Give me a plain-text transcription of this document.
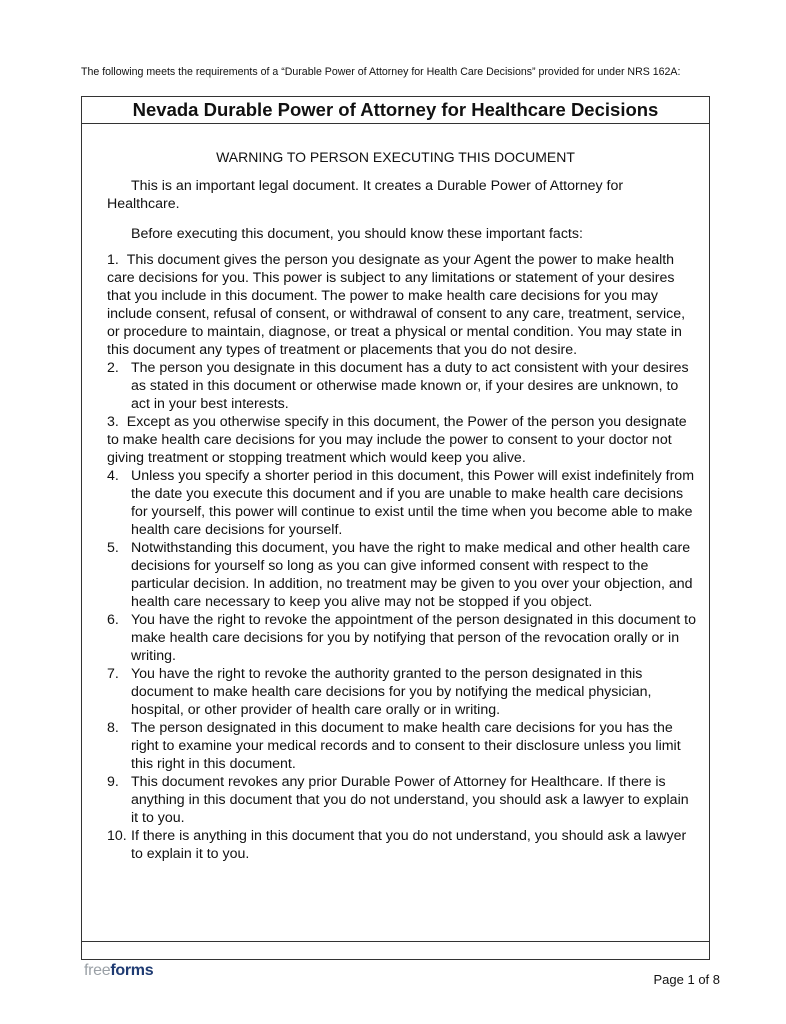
The following meets the requirements of a “Durable Power of Attorney for Health Care Decisions” provided for under NRS 162A:
Nevada Durable Power of Attorney for Healthcare Decisions
WARNING TO PERSON EXECUTING THIS DOCUMENT
This is an important legal document. It creates a Durable Power of Attorney for Healthcare.
Before executing this document, you should know these important facts:
1. This document gives the person you designate as your Agent the power to make health care decisions for you. This power is subject to any limitations or statement of your desires that you include in this document. The power to make health care decisions for you may include consent, refusal of consent, or withdrawal of consent to any care, treatment, service, or procedure to maintain, diagnose, or treat a physical or mental condition. You may state in this document any types of treatment or placements that you do not desire.
2. The person you designate in this document has a duty to act consistent with your desires as stated in this document or otherwise made known or, if your desires are unknown, to act in your best interests.
3. Except as you otherwise specify in this document, the Power of the person you designate to make health care decisions for you may include the power to consent to your doctor not giving treatment or stopping treatment which would keep you alive.
4. Unless you specify a shorter period in this document, this Power will exist indefinitely from the date you execute this document and if you are unable to make health care decisions for yourself, this power will continue to exist until the time when you become able to make health care decisions for yourself.
5. Notwithstanding this document, you have the right to make medical and other health care decisions for yourself so long as you can give informed consent with respect to the particular decision. In addition, no treatment may be given to you over your objection, and health care necessary to keep you alive may not be stopped if you object.
6. You have the right to revoke the appointment of the person designated in this document to make health care decisions for you by notifying that person of the revocation orally or in writing.
7. You have the right to revoke the authority granted to the person designated in this document to make health care decisions for you by notifying the medical physician, hospital, or other provider of health care orally or in writing.
8. The person designated in this document to make health care decisions for you has the right to examine your medical records and to consent to their disclosure unless you limit this right in this document.
9. This document revokes any prior Durable Power of Attorney for Healthcare. If there is anything in this document that you do not understand, you should ask a lawyer to explain it to you.
10. If there is anything in this document that you do not understand, you should ask a lawyer to explain it to you.
freeforms
Page 1 of 8
